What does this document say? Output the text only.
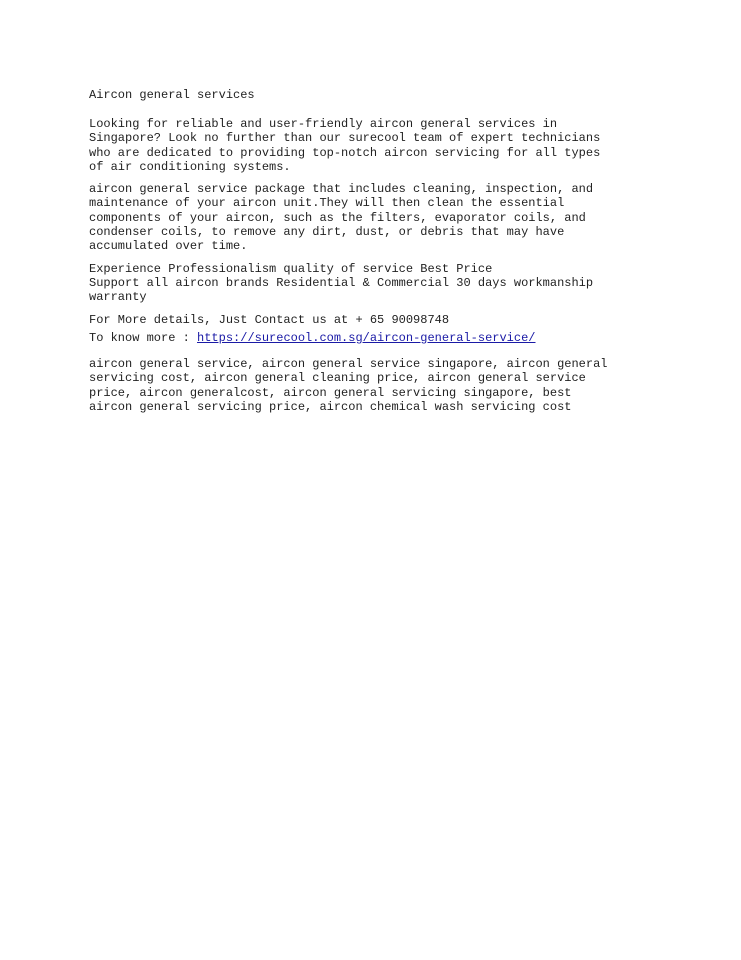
Aircon general services
Looking for reliable and user-friendly aircon general services in
Singapore? Look no further than our surecool team of expert technicians
who are dedicated to providing top-notch aircon servicing for all types
of air conditioning systems.
aircon general service package that includes cleaning, inspection, and
maintenance of your aircon unit.They will then clean the essential
components of your aircon, such as the filters, evaporator coils, and
condenser coils, to remove any dirt, dust, or debris that may have
accumulated over time.
Experience Professionalism quality of service Best Price
Support all aircon brands Residential & Commercial 30 days workmanship
warranty
For More details, Just Contact us at + 65 90098748
To know more : https://surecool.com.sg/aircon-general-service/
aircon general service, aircon general service singapore, aircon general
servicing cost, aircon general cleaning price, aircon general service
price, aircon generalcost, aircon general servicing singapore, best
aircon general servicing price, aircon chemical wash servicing cost
